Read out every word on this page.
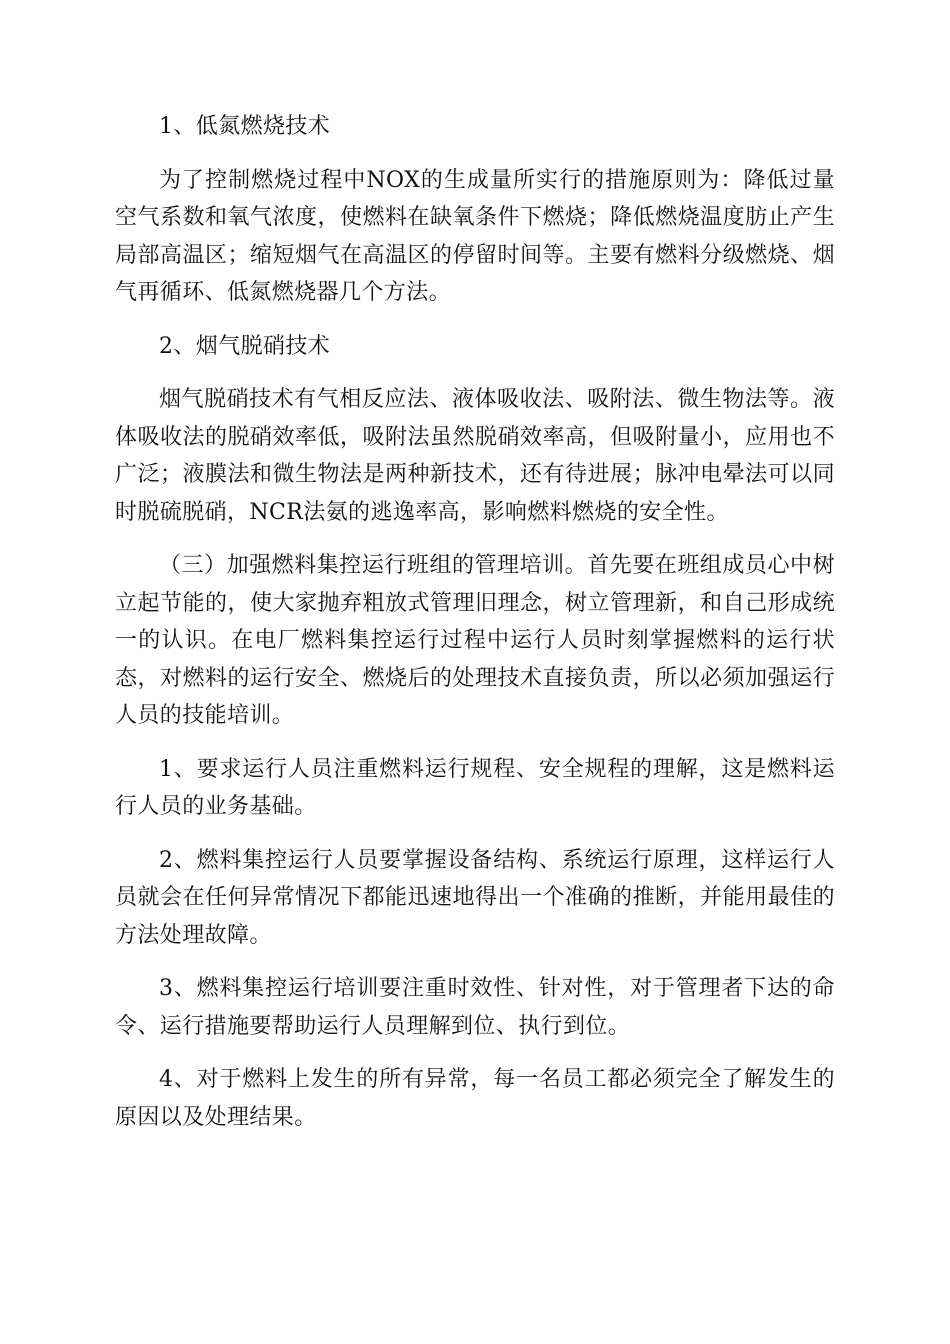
1、低氮燃烧技术

为了控制燃烧过程中NOX的生成量所实行的措施原则为：降低过量空气系数和氧气浓度，使燃料在缺氧条件下燃烧；降低燃烧温度肪止产生局部高温区；缩短烟气在高温区的停留时间等。主要有燃料分级燃烧、烟气再循环、低氮燃烧器几个方法。

2、烟气脱硝技术

烟气脱硝技术有气相反应法、液体吸收法、吸附法、微生物法等。液体吸收法的脱硝效率低，吸附法虽然脱硝效率高，但吸附量小，应用也不广泛；液膜法和微生物法是两种新技术，还有待进展；脉冲电晕法可以同时脱硫脱硝，NCR法氨的逃逸率高，影响燃料燃烧的安全性。

（三）加强燃料集控运行班组的管理培训。首先要在班组成员心中树立起节能的，使大家抛弃粗放式管理旧理念，树立管理新，和自己形成统一的认识。在电厂燃料集控运行过程中运行人员时刻掌握燃料的运行状态，对燃料的运行安全、燃烧后的处理技术直接负责，所以必须加强运行人员的技能培训。

1、要求运行人员注重燃料运行规程、安全规程的理解，这是燃料运行人员的业务基础。

2、燃料集控运行人员要掌握设备结构、系统运行原理，这样运行人员就会在任何异常情况下都能迅速地得出一个准确的推断，并能用最佳的方法处理故障。

3、燃料集控运行培训要注重时效性、针对性，对于管理者下达的命令、运行措施要帮助运行人员理解到位、执行到位。

4、对于燃料上发生的所有异常，每一名员工都必须完全了解发生的原因以及处理结果。
